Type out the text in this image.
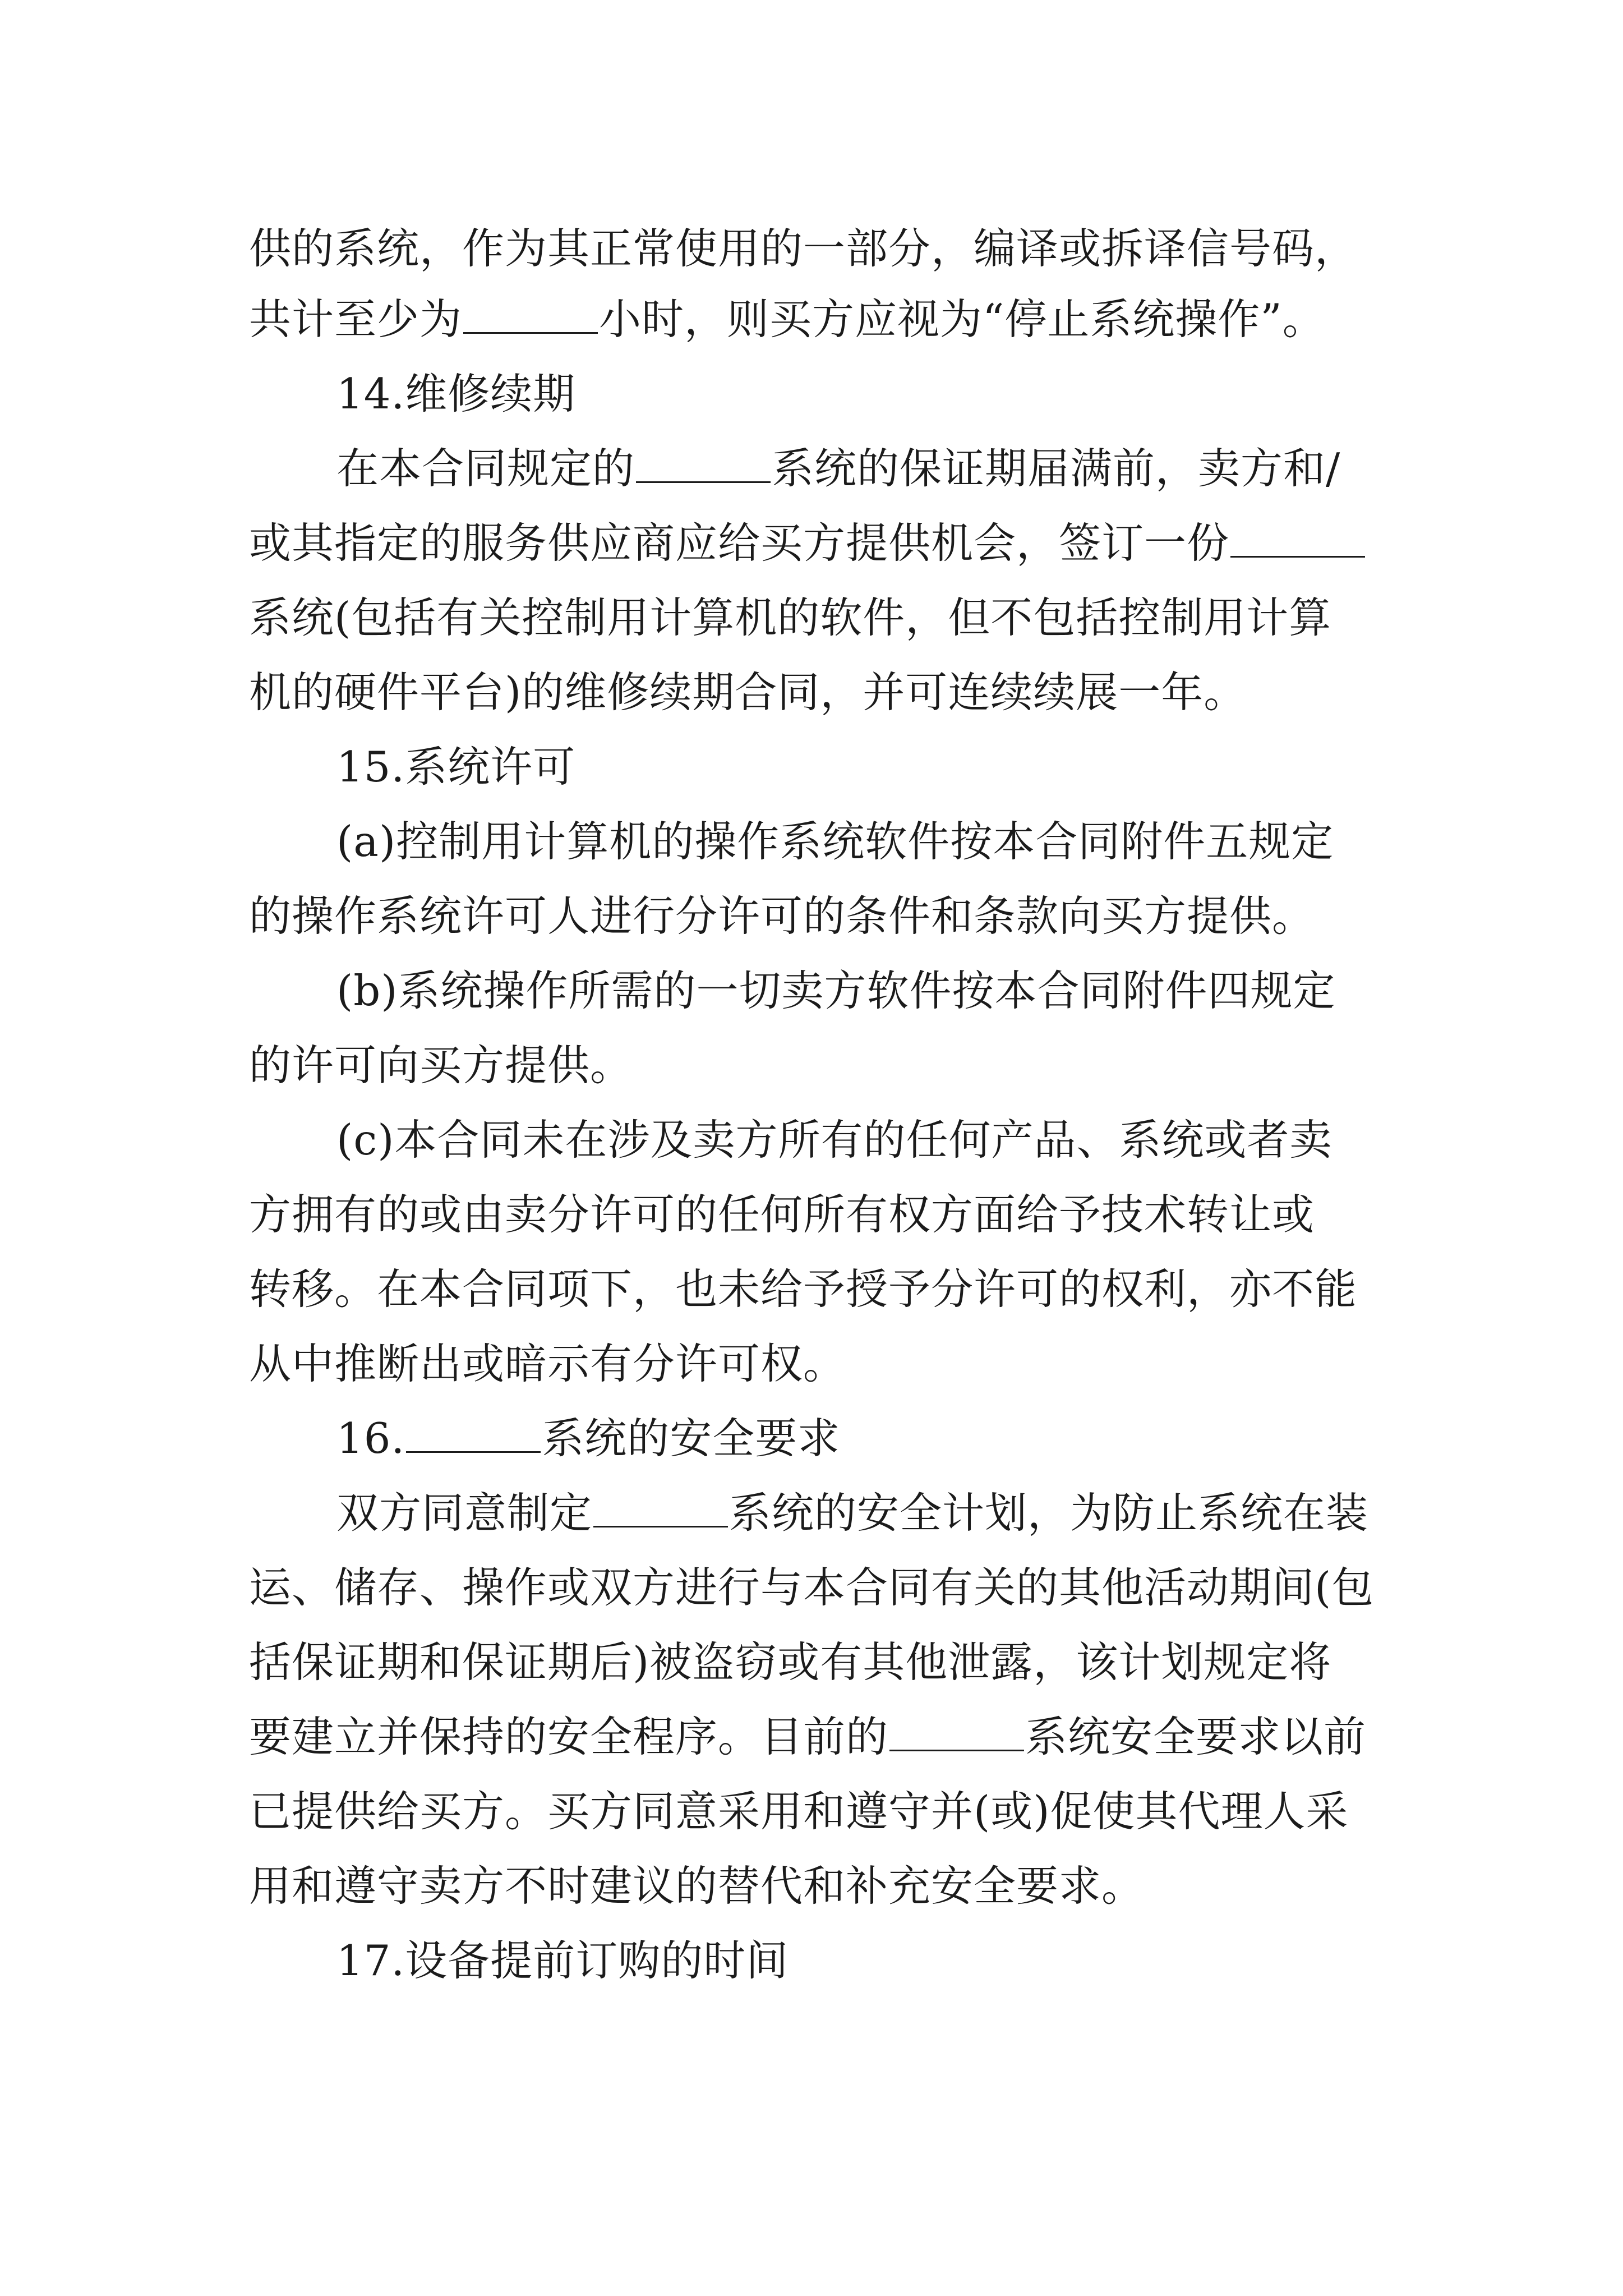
供的系统，作为其正常使用的一部分，编译或拆译信号码，
共计至少为	小时，则买方应视为“停止系统操作”。
14.维修续期
在本合同规定的	系统的保证期届满前，卖方和/
或其指定的服务供应商应给买方提供机会，签订一份
系统(包括有关控制用计算机的软件，但不包括控制用计算
机的硬件平台)的维修续期合同，并可连续续展一年。
15.系统许可
(a)控制用计算机的操作系统软件按本合同附件五规定
的操作系统许可人进行分许可的条件和条款向买方提供。
(b)系统操作所需的一切卖方软件按本合同附件四规定
的许可向买方提供。
(c)本合同未在涉及卖方所有的任何产品、系统或者卖
方拥有的或由卖分许可的任何所有权方面给予技术转让或
转移。在本合同项下，也未给予授予分许可的权利，亦不能
从中推断出或暗示有分许可权。
16.	系统的安全要求
双方同意制定	系统的安全计划，为防止系统在装
运、储存、操作或双方进行与本合同有关的其他活动期间(包
括保证期和保证期后)被盗窃或有其他泄露，该计划规定将
要建立并保持的安全程序。目前的	系统安全要求以前
已提供给买方。买方同意采用和遵守并(或)促使其代理人采
用和遵守卖方不时建议的替代和补充安全要求。
17.设备提前订购的时间
